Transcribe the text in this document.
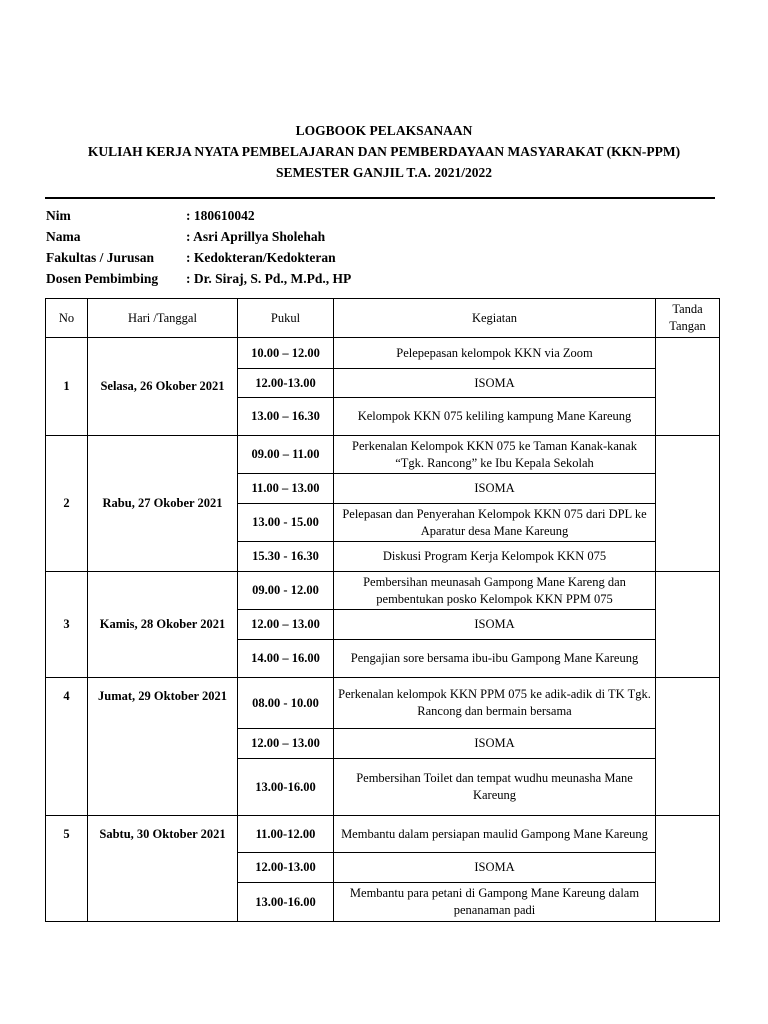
LOGBOOK PELAKSANAAN
KULIAH KERJA NYATA PEMBELAJARAN DAN PEMBERDAYAAN MASYARAKAT (KKN-PPM)
SEMESTER GANJIL T.A. 2021/2022
Nim	: 180610042
Nama	: Asri Aprillya Sholehah
Fakultas / Jurusan	: Kedokteran/Kedokteran
Dosen Pembimbing	: Dr. Siraj, S. Pd., M.Pd., HP
No	Hari /Tanggal	Pukul	Kegiatan	Tanda Tangan
1	Selasa, 26 Okober 2021	10.00 – 12.00	Pelepepasan kelompok KKN via Zoom	
		12.00-13.00	ISOMA	
		13.00 – 16.30	Kelompok KKN 075 keliling kampung Mane Kareung	
2	Rabu, 27 Okober 2021	09.00 – 11.00	Perkenalan Kelompok KKN 075 ke Taman Kanak-kanak “Tgk. Rancong” ke Ibu Kepala Sekolah	
		11.00 – 13.00	ISOMA	
		13.00 - 15.00	Pelepasan dan Penyerahan Kelompok KKN 075 dari DPL ke Aparatur desa Mane Kareung	
		15.30 - 16.30	Diskusi Program Kerja Kelompok KKN 075	
3	Kamis, 28 Okober 2021	09.00 - 12.00	Pembersihan meunasah Gampong Mane Kareng dan pembentukan posko Kelompok KKN PPM 075	
		12.00 – 13.00	ISOMA	
		14.00 – 16.00	Pengajian sore bersama ibu-ibu Gampong Mane Kareung	
4	Jumat, 29 Oktober 2021	08.00 - 10.00	Perkenalan kelompok KKN PPM 075 ke adik-adik di TK Tgk. Rancong dan bermain bersama	
		12.00 – 13.00	ISOMA	
		13.00-16.00	Pembersihan Toilet dan tempat wudhu meunasha Mane Kareung	
5	Sabtu, 30 Oktober 2021	11.00-12.00	Membantu dalam persiapan maulid Gampong Mane Kareung	
		12.00-13.00	ISOMA	
		13.00-16.00	Membantu para petani di Gampong Mane Kareung dalam penanaman padi	
